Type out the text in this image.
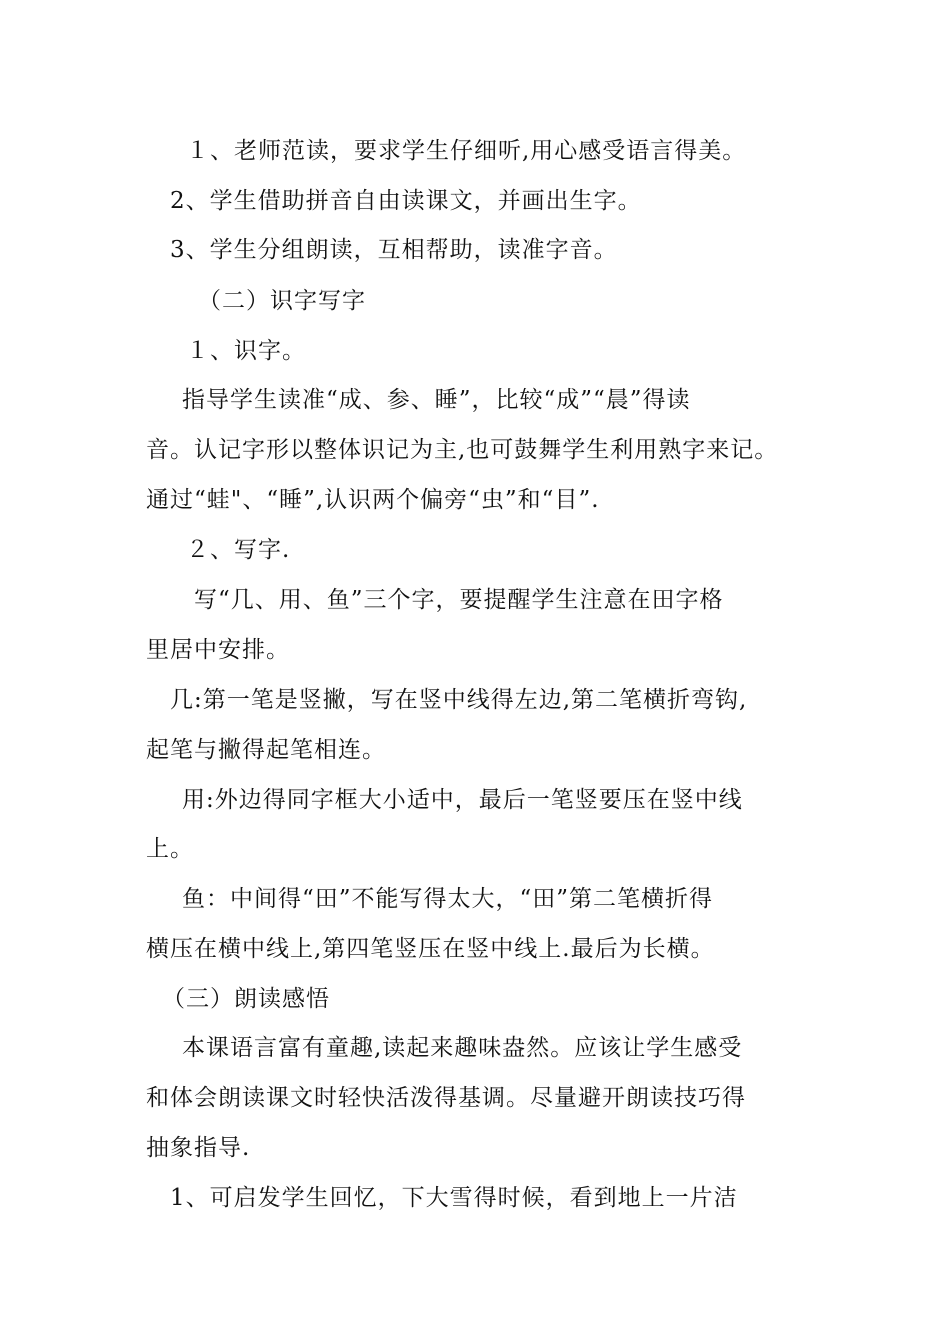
１、老师范读，要求学生仔细听,用心感受语言得美。
2、学生借助拼音自由读课文，并画出生字。
3、学生分组朗读，互相帮助，读准字音。
（二）识字写字
１、识字。
指导学生读准“成、参、睡”，比较“成”“晨”得读
音。认记字形以整体识记为主,也可鼓舞学生利用熟字来记。
通过“蛙"、“睡”,认识两个偏旁“虫”和“目”.
２、写字.
写“几、用、鱼”三个字，要提醒学生注意在田字格
里居中安排。
几:第一笔是竖撇，写在竖中线得左边,第二笔横折弯钩,
起笔与撇得起笔相连。
用:外边得同字框大小适中，最后一笔竖要压在竖中线
上。
鱼：中间得“田”不能写得太大，“田”第二笔横折得
横压在横中线上,第四笔竖压在竖中线上.最后为长横。
（三）朗读感悟
本课语言富有童趣,读起来趣味盎然。应该让学生感受
和体会朗读课文时轻快活泼得基调。尽量避开朗读技巧得
抽象指导.
1、可启发学生回忆，下大雪得时候，看到地上一片洁
